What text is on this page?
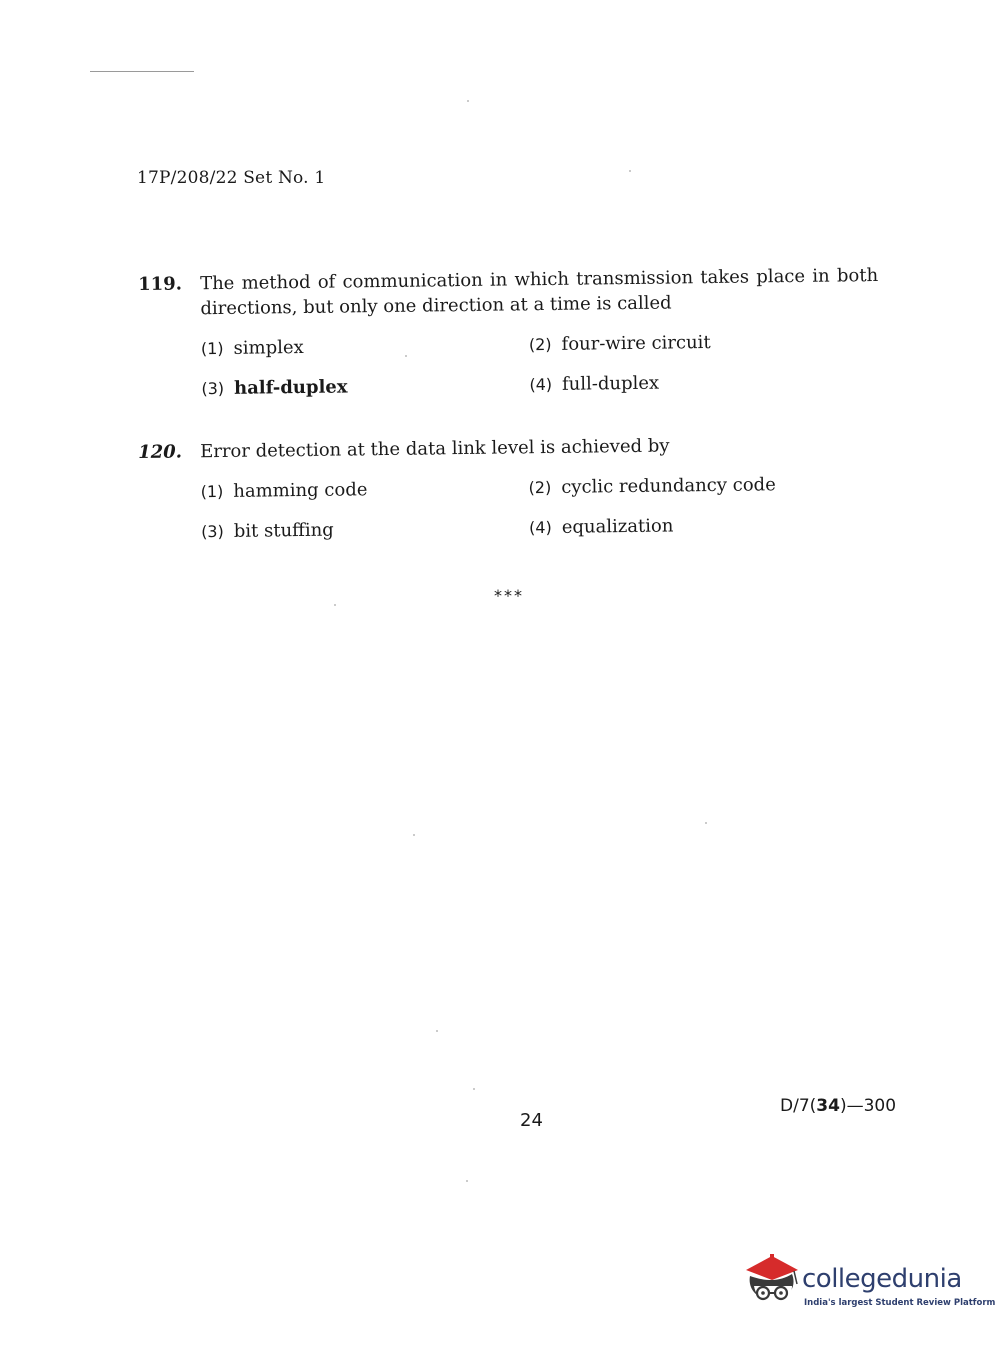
17P/208/22 Set No. 1
119. The method of communication in which transmission takes place in both directions, but only one direction at a time is called
(1) simplex	(2) four-wire circuit
(3) half-duplex	(4) full-duplex
120. Error detection at the data link level is achieved by
(1) hamming code	(2) cyclic redundancy code
(3) bit stuffing	(4) equalization
***
24
D/7(34)—300
collegedunia
India's largest Student Review Platform
